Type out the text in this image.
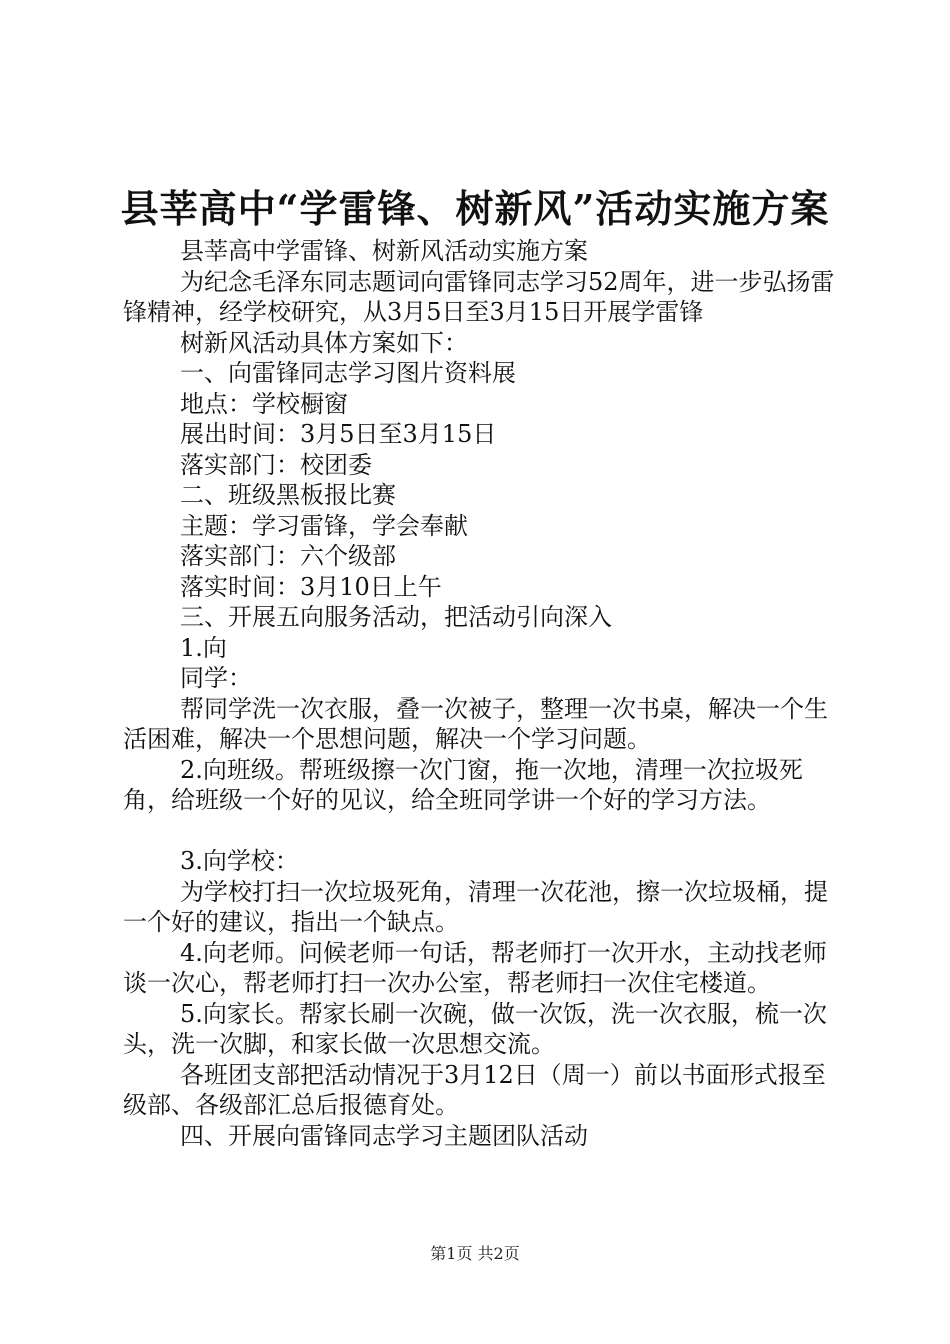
县莘高中“学雷锋、树新风”活动实施方案

县莘高中学雷锋、树新风活动实施方案

为纪念毛泽东同志题词向雷锋同志学习52周年，进一步弘扬雷锋精神，经学校研究，从3月5日至3月15日开展学雷锋

树新风活动具体方案如下：

一、向雷锋同志学习图片资料展

地点：学校橱窗

展出时间：3月5日至3月15日

落实部门：校团委

二、班级黑板报比赛

主题：学习雷锋，学会奉献

落实部门：六个级部

落实时间：3月10日上午

三、开展五向服务活动，把活动引向深入

1.向

同学：

帮同学洗一次衣服，叠一次被子，整理一次书桌，解决一个生活困难，解决一个思想问题，解决一个学习问题。

2.向班级。帮班级擦一次门窗，拖一次地，清理一次拉圾死角，给班级一个好的见议，给全班同学讲一个好的学习方法。

3.向学校：

为学校打扫一次垃圾死角，清理一次花池，擦一次垃圾桶，提一个好的建议，指出一个缺点。

4.向老师。问候老师一句话，帮老师打一次开水，主动找老师谈一次心，帮老师打扫一次办公室，帮老师扫一次住宅楼道。

5.向家长。帮家长刷一次碗，做一次饭，洗一次衣服，梳一次头，洗一次脚，和家长做一次思想交流。

各班团支部把活动情况于3月12日（周一）前以书面形式报至级部、各级部汇总后报德育处。

四、开展向雷锋同志学习主题团队活动

第1页 共2页
